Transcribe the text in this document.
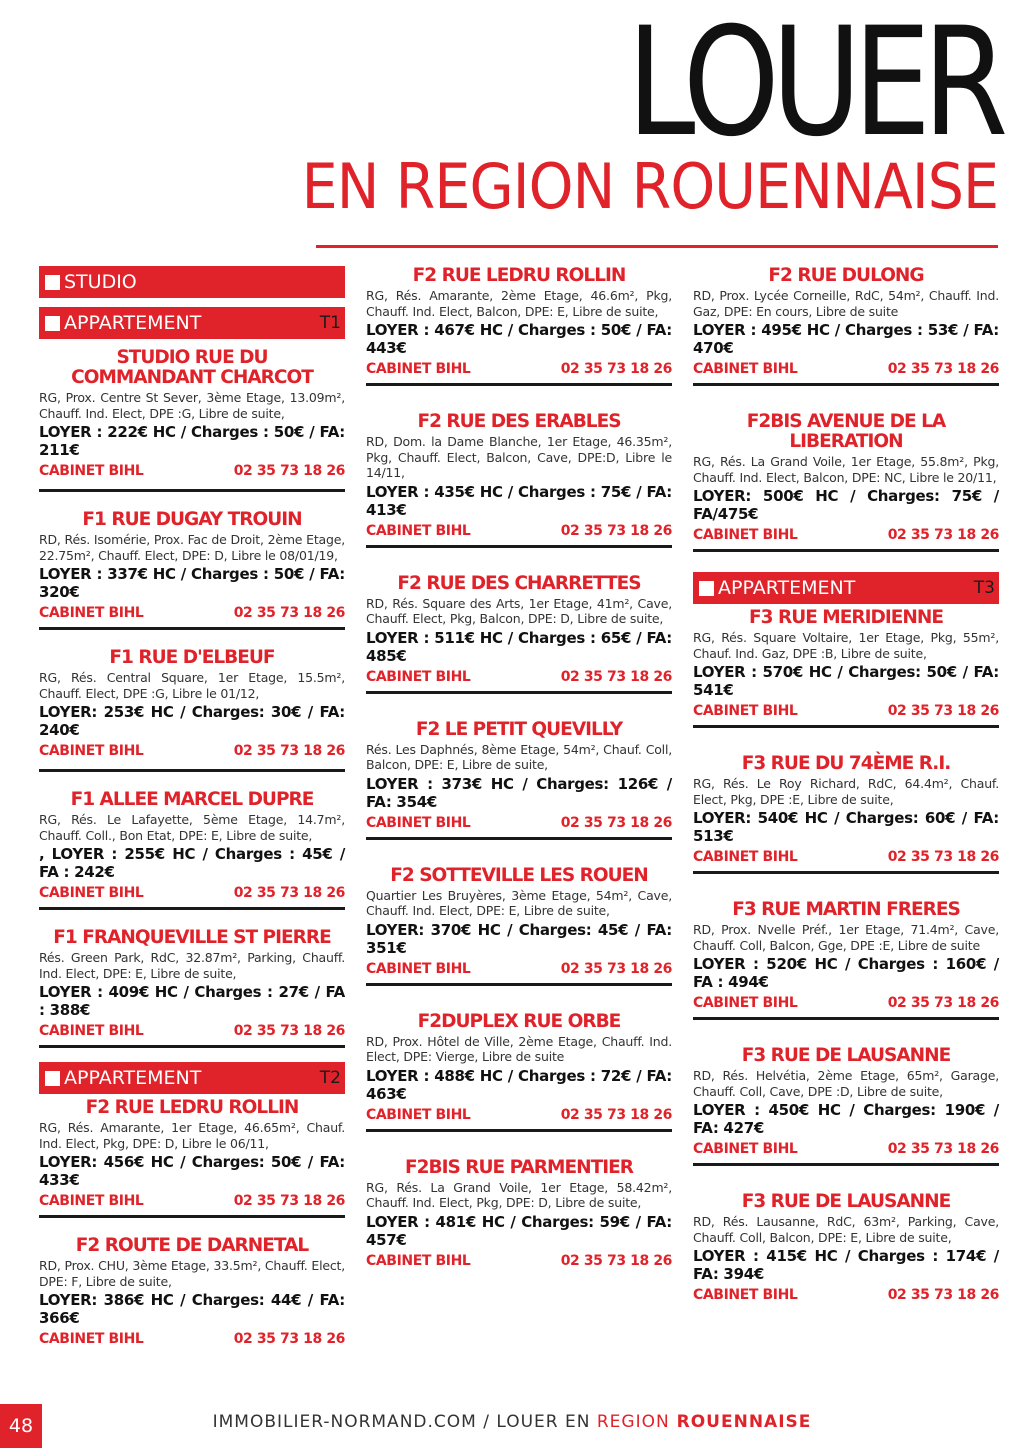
LOUER
EN REGION ROUENNAISE
STUDIO
APPARTEMENT	T1
STUDIO RUE DU COMMANDANT CHARCOT
RG, Prox. Centre St Sever, 3ème Etage, 13.09m², Chauff. Ind. Elect, DPE :G, Libre de suite,
LOYER : 222€ HC / Charges : 50€ / FA: 211€
CABINET BIHL	02 35 73 18 26
F1 RUE DUGAY TROUIN
RD, Rés. Isomérie, Prox. Fac de Droit, 2ème Etage, 22.75m², Chauff. Elect, DPE: D, Libre le 08/01/19,
LOYER : 337€ HC / Charges : 50€ / FA: 320€
CABINET BIHL	02 35 73 18 26
F1 RUE D'ELBEUF
RG, Rés. Central Square, 1er Etage, 15.5m², Chauff. Elect, DPE :G, Libre le 01/12,
LOYER: 253€ HC / Charges: 30€ / FA: 240€
CABINET BIHL	02 35 73 18 26
F1 ALLEE MARCEL DUPRE
RG, Rés. Le Lafayette, 5ème Etage, 14.7m², Chauff. Coll., Bon Etat, DPE: E, Libre de suite,
, LOYER : 255€ HC / Charges : 45€ / FA : 242€
CABINET BIHL	02 35 73 18 26
F1 FRANQUEVILLE ST PIERRE
Rés. Green Park, RdC, 32.87m², Parking, Chauff. Ind. Elect, DPE: E, Libre de suite,
LOYER : 409€ HC / Charges : 27€ / FA : 388€
CABINET BIHL	02 35 73 18 26
APPARTEMENT	T2
F2 RUE LEDRU ROLLIN
RG, Rés. Amarante, 1er Etage, 46.65m², Chauf. Ind. Elect, Pkg, DPE: D, Libre le 06/11,
LOYER: 456€ HC / Charges: 50€ / FA: 433€
CABINET BIHL	02 35 73 18 26
F2 ROUTE DE DARNETAL
RD, Prox. CHU, 3ème Etage, 33.5m², Chauff. Elect, DPE: F, Libre de suite,
LOYER: 386€ HC / Charges: 44€ / FA: 366€
CABINET BIHL	02 35 73 18 26
F2 RUE LEDRU ROLLIN
RG, Rés. Amarante, 2ème Etage, 46.6m², Pkg, Chauff. Ind. Elect, Balcon, DPE: E, Libre de suite,
LOYER : 467€ HC / Charges : 50€ / FA: 443€
CABINET BIHL	02 35 73 18 26
F2 RUE DES ERABLES
RD, Dom. la Dame Blanche, 1er Etage, 46.35m², Pkg, Chauff. Elect, Balcon, Cave, DPE:D, Libre le 14/11,
LOYER : 435€ HC / Charges : 75€ / FA: 413€
CABINET BIHL	02 35 73 18 26
F2 RUE DES CHARRETTES
RD, Rés. Square des Arts, 1er Etage, 41m², Cave, Chauff. Elect, Pkg, Balcon, DPE: D, Libre de suite,
LOYER : 511€ HC / Charges : 65€ / FA: 485€
CABINET BIHL	02 35 73 18 26
F2 LE PETIT QUEVILLY
Rés. Les Daphnés, 8ème Etage, 54m², Chauf. Coll, Balcon, DPE: E, Libre de suite,
LOYER : 373€ HC / Charges: 126€ / FA: 354€
CABINET BIHL	02 35 73 18 26
F2 SOTTEVILLE LES ROUEN
Quartier Les Bruyères, 3ème Etage, 54m², Cave, Chauff. Ind. Elect, DPE: E, Libre de suite,
LOYER: 370€ HC / Charges: 45€ / FA: 351€
CABINET BIHL	02 35 73 18 26
F2DUPLEX RUE ORBE
RD, Prox. Hôtel de Ville, 2ème Etage, Chauff. Ind. Elect, DPE: Vierge, Libre de suite
LOYER : 488€ HC / Charges : 72€ / FA: 463€
CABINET BIHL	02 35 73 18 26
F2BIS RUE PARMENTIER
RG, Rés. La Grand Voile, 1er Etage, 58.42m², Chauff. Ind. Elect, Pkg, DPE: D, Libre de suite,
LOYER : 481€ HC / Charges: 59€ / FA: 457€
CABINET BIHL	02 35 73 18 26
F2 RUE DULONG
RD, Prox. Lycée Corneille, RdC, 54m², Chauff. Ind. Gaz, DPE: En cours, Libre de suite
LOYER : 495€ HC / Charges : 53€ / FA: 470€
CABINET BIHL	02 35 73 18 26
F2BIS AVENUE DE LA LIBERATION
RG, Rés. La Grand Voile, 1er Etage, 55.8m², Pkg, Chauff. Ind. Elect, Balcon, DPE: NC, Libre le 20/11,
LOYER: 500€ HC / Charges: 75€ / FA/475€
CABINET BIHL	02 35 73 18 26
APPARTEMENT	T3
F3 RUE MERIDIENNE
RG, Rés. Square Voltaire, 1er Etage, Pkg, 55m², Chauf. Ind. Gaz, DPE :B, Libre de suite,
LOYER : 570€ HC / Charges: 50€ / FA: 541€
CABINET BIHL	02 35 73 18 26
F3 RUE DU 74ÈME R.I.
RG, Rés. Le Roy Richard, RdC, 64.4m², Chauf. Elect, Pkg, DPE :E, Libre de suite,
LOYER: 540€ HC / Charges: 60€ / FA: 513€
CABINET BIHL	02 35 73 18 26
F3 RUE MARTIN FRERES
RD, Prox. Nvelle Préf., 1er Etage, 71.4m², Cave, Chauff. Coll, Balcon, Gge, DPE :E, Libre de suite
LOYER : 520€ HC / Charges : 160€ / FA : 494€
CABINET BIHL	02 35 73 18 26
F3 RUE DE LAUSANNE
RD, Rés. Helvétia, 2ème Etage, 65m², Garage, Chauff. Coll, Cave, DPE :D, Libre de suite,
LOYER : 450€ HC / Charges: 190€ / FA: 427€
CABINET BIHL	02 35 73 18 26
F3 RUE DE LAUSANNE
RD, Rés. Lausanne, RdC, 63m², Parking, Cave, Chauff. Coll, Balcon, DPE: E, Libre de suite,
LOYER : 415€ HC / Charges : 174€ / FA: 394€
CABINET BIHL	02 35 73 18 26
48	IMMOBILIER-NORMAND.COM / LOUER EN REGION ROUENNAISE
